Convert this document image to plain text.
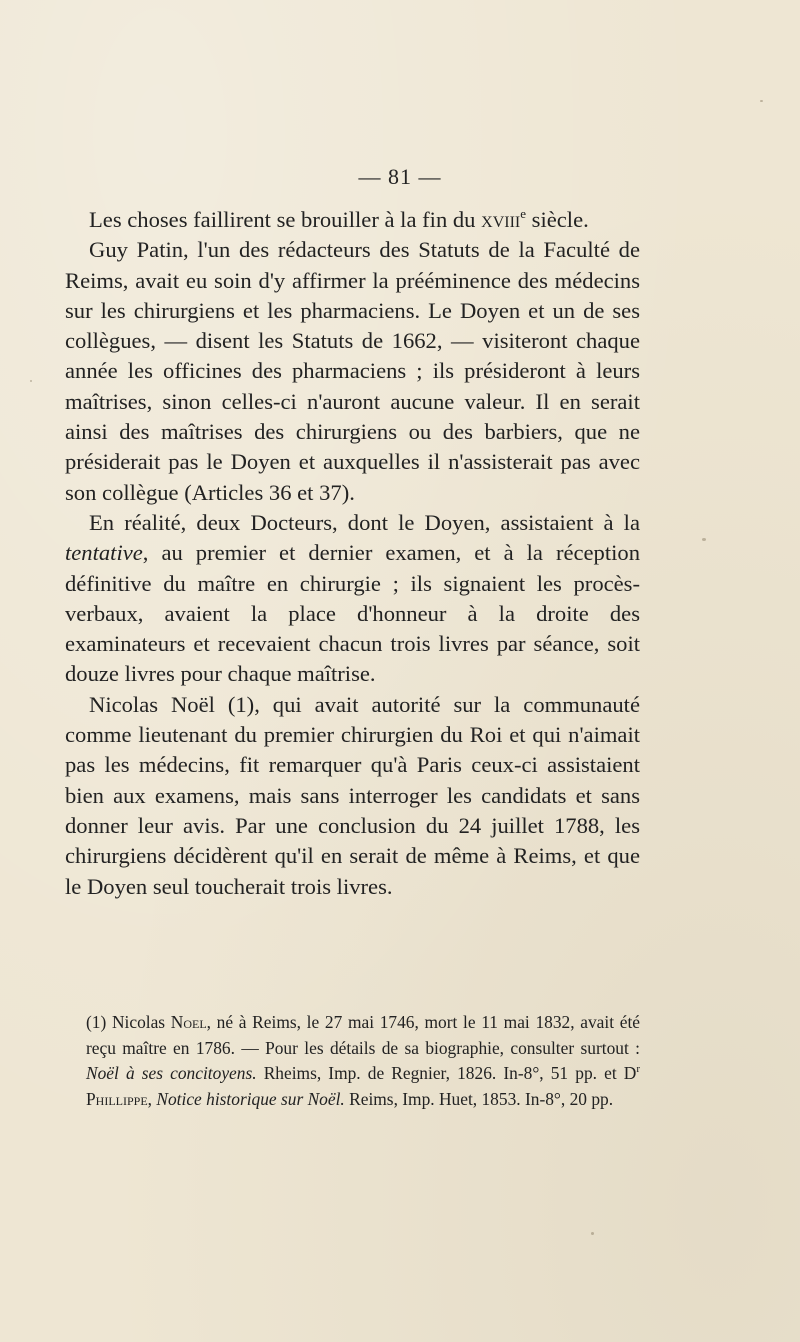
— 81 —

Les choses faillirent se brouiller à la fin du xviii$^e$ siècle.

Guy Patin, l'un des rédacteurs des Statuts de la Faculté de Reims, avait eu soin d'y affirmer la prééminence des médecins sur les chirurgiens et les pharmaciens. Le Doyen et un de ses collègues, — disent les Statuts de 1662, — visiteront chaque année les officines des pharmaciens ; ils présideront à leurs maîtrises, sinon celles-ci n'auront aucune valeur. Il en serait ainsi des maîtrises des chirurgiens ou des barbiers, que ne présiderait pas le Doyen et auxquelles il n'assisterait pas avec son collègue (Articles 36 et 37).

En réalité, deux Docteurs, dont le Doyen, assistaient à la tentative, au premier et dernier examen, et à la réception définitive du maître en chirurgie ; ils signaient les procès-verbaux, avaient la place d'honneur à la droite des examinateurs et recevaient chacun trois livres par séance, soit douze livres pour chaque maîtrise.

Nicolas Noël (1), qui avait autorité sur la communauté comme lieutenant du premier chirurgien du Roi et qui n'aimait pas les médecins, fit remarquer qu'à Paris ceux-ci assistaient bien aux examens, mais sans interroger les candidats et sans donner leur avis. Par une conclusion du 24 juillet 1788, les chirurgiens décidèrent qu'il en serait de même à Reims, et que le Doyen seul toucherait trois livres.

(1) Nicolas Noel, né à Reims, le 27 mai 1746, mort le 11 mai 1832, avait été reçu maître en 1786. — Pour les détails de sa biographie, consulter surtout : Noël à ses concitoyens. Rheims, Imp. de Regnier, 1826. In-8°, 51 pp. et $D^r$ Phillippe, Notice historique sur Noël. Reims, Imp. Huet, 1853. In-8°, 20 pp.
